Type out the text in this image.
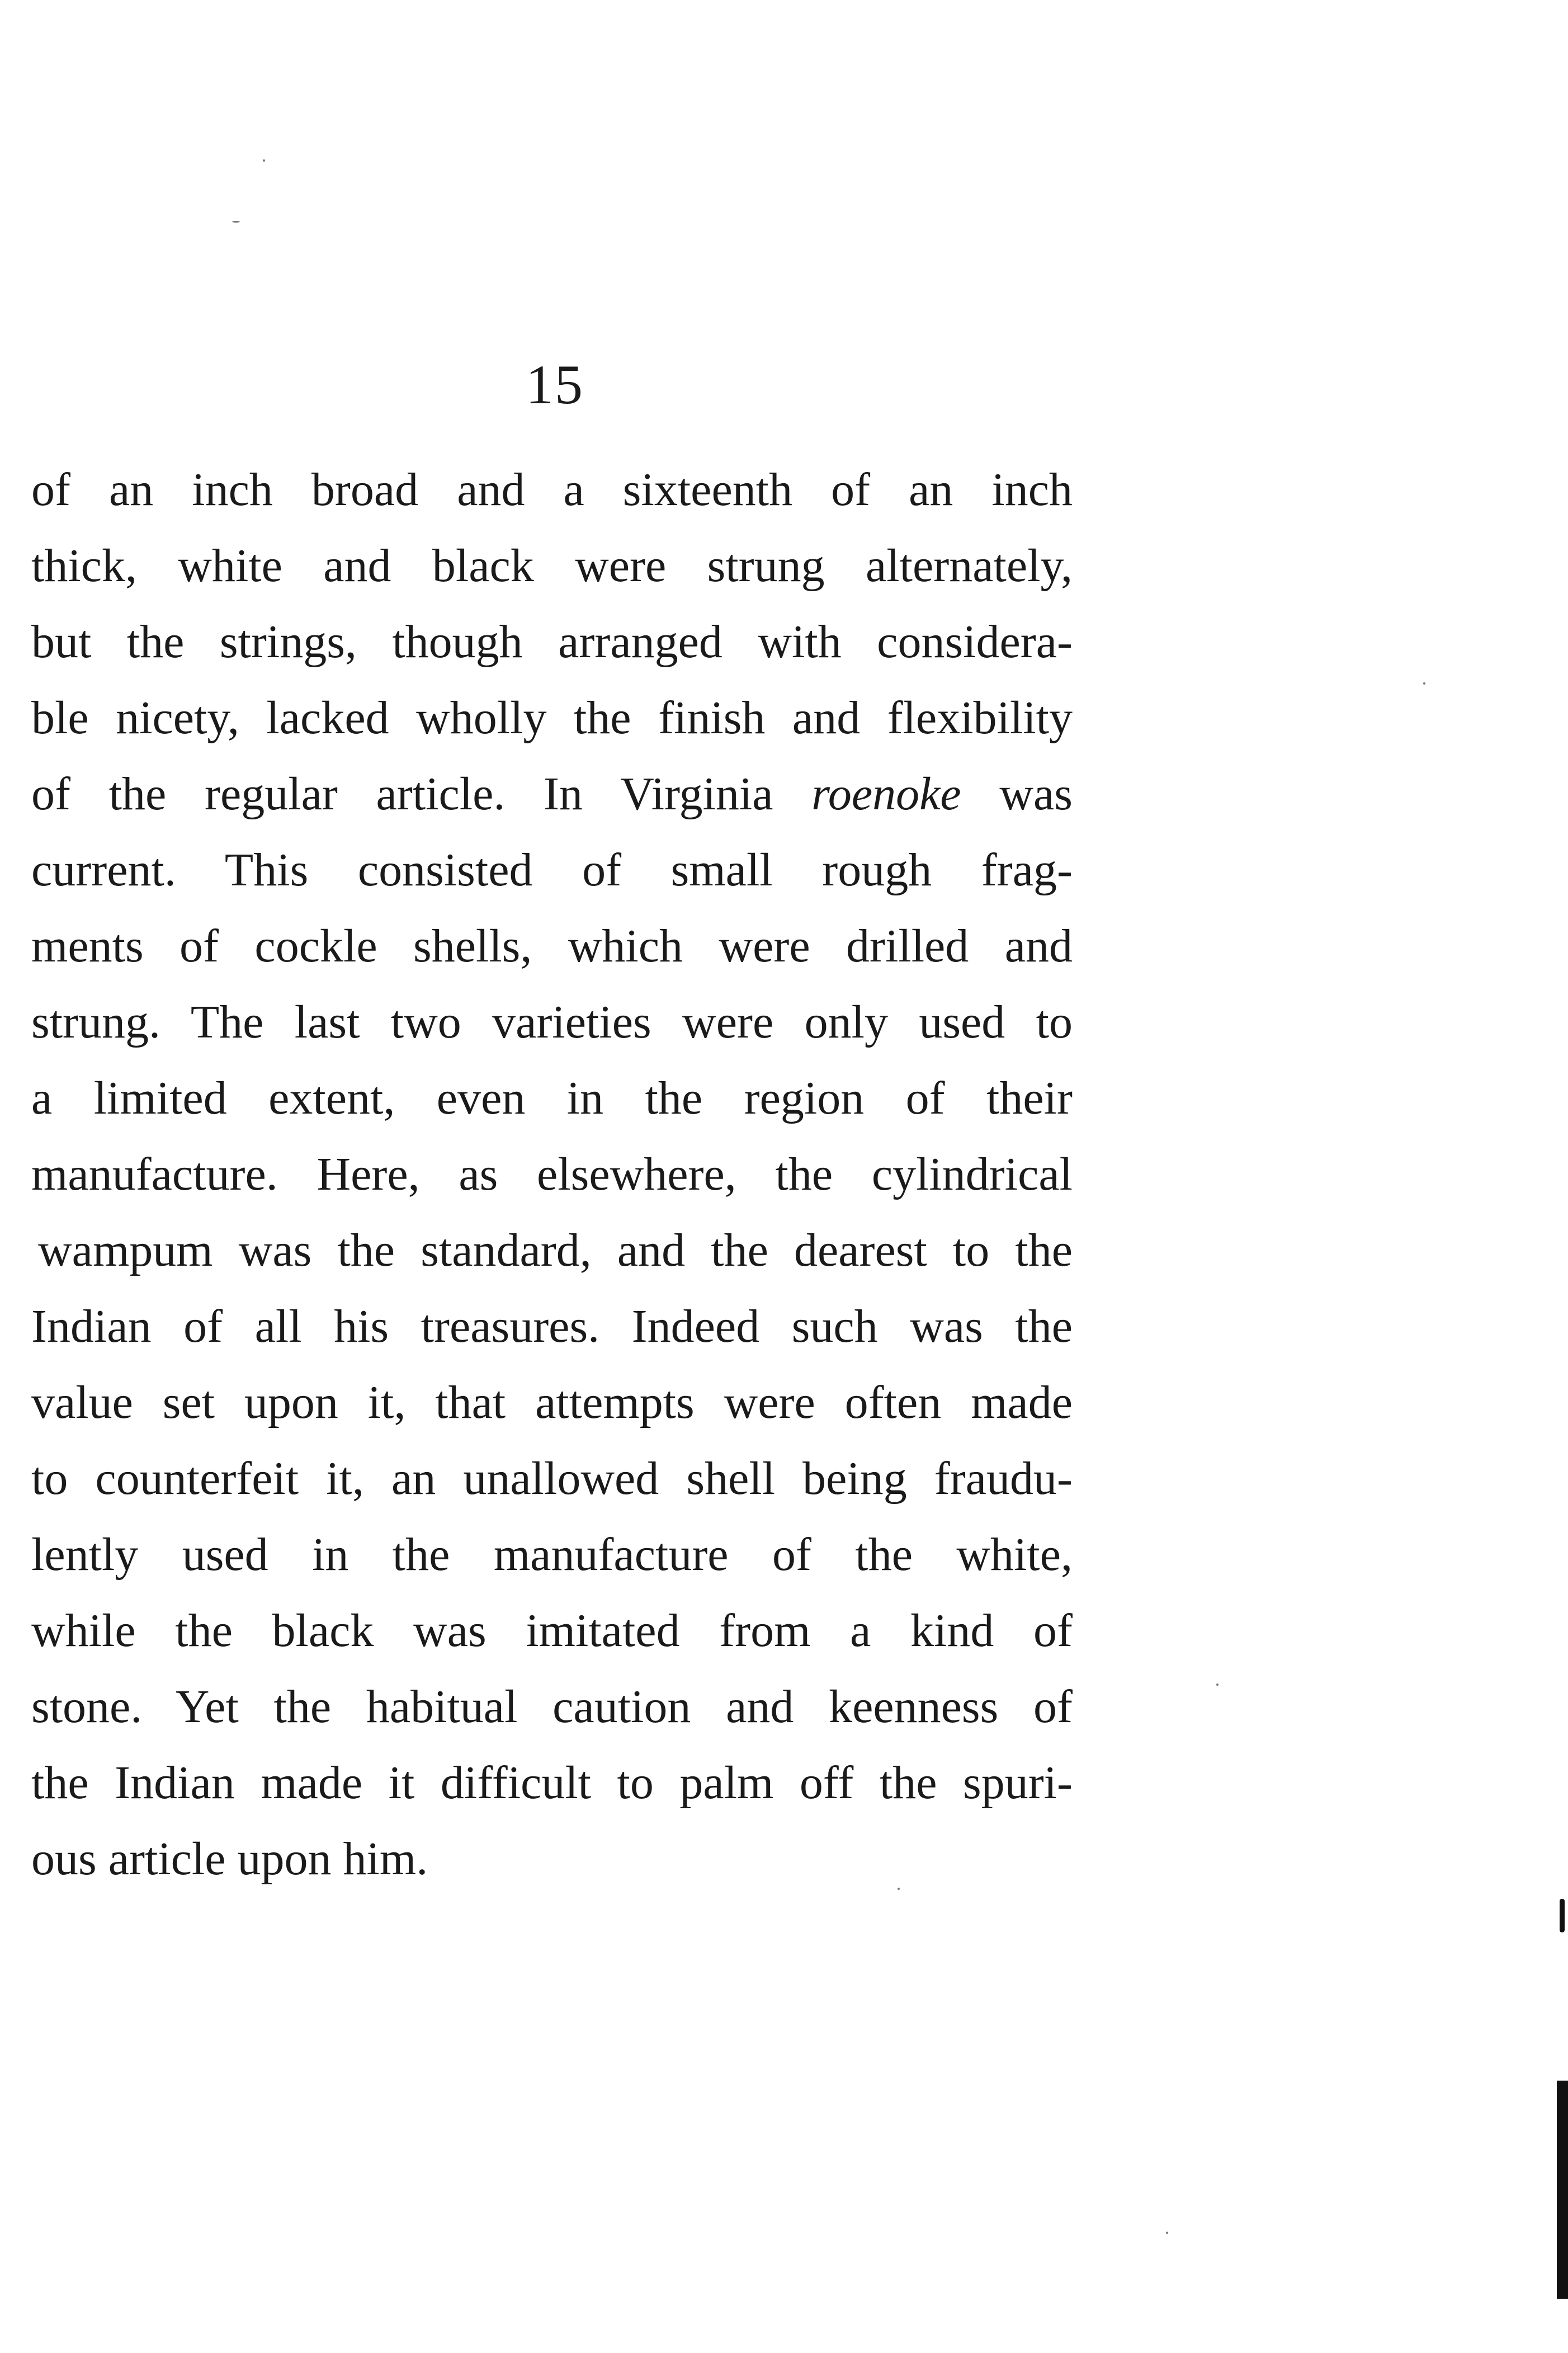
15
of an inch broad and a sixteenth of an inch
thick, white and black were strung alternately,
but the strings, though arranged with considera-
ble nicety, lacked wholly the finish and flexibility
of the regular article. In Virginia roenoke was
current. This consisted of small rough frag-
ments of cockle shells, which were drilled and
strung. The last two varieties were only used to
a limited extent, even in the region of their
manufacture. Here, as elsewhere, the cylindrical
wampum was the standard, and the dearest to the
Indian of all his treasures. Indeed such was the
value set upon it, that attempts were often made
to counterfeit it, an unallowed shell being fraudu-
lently used in the manufacture of the white,
while the black was imitated from a kind of
stone. Yet the habitual caution and keenness of
the Indian made it difficult to palm off the spuri-
ous article upon him.
